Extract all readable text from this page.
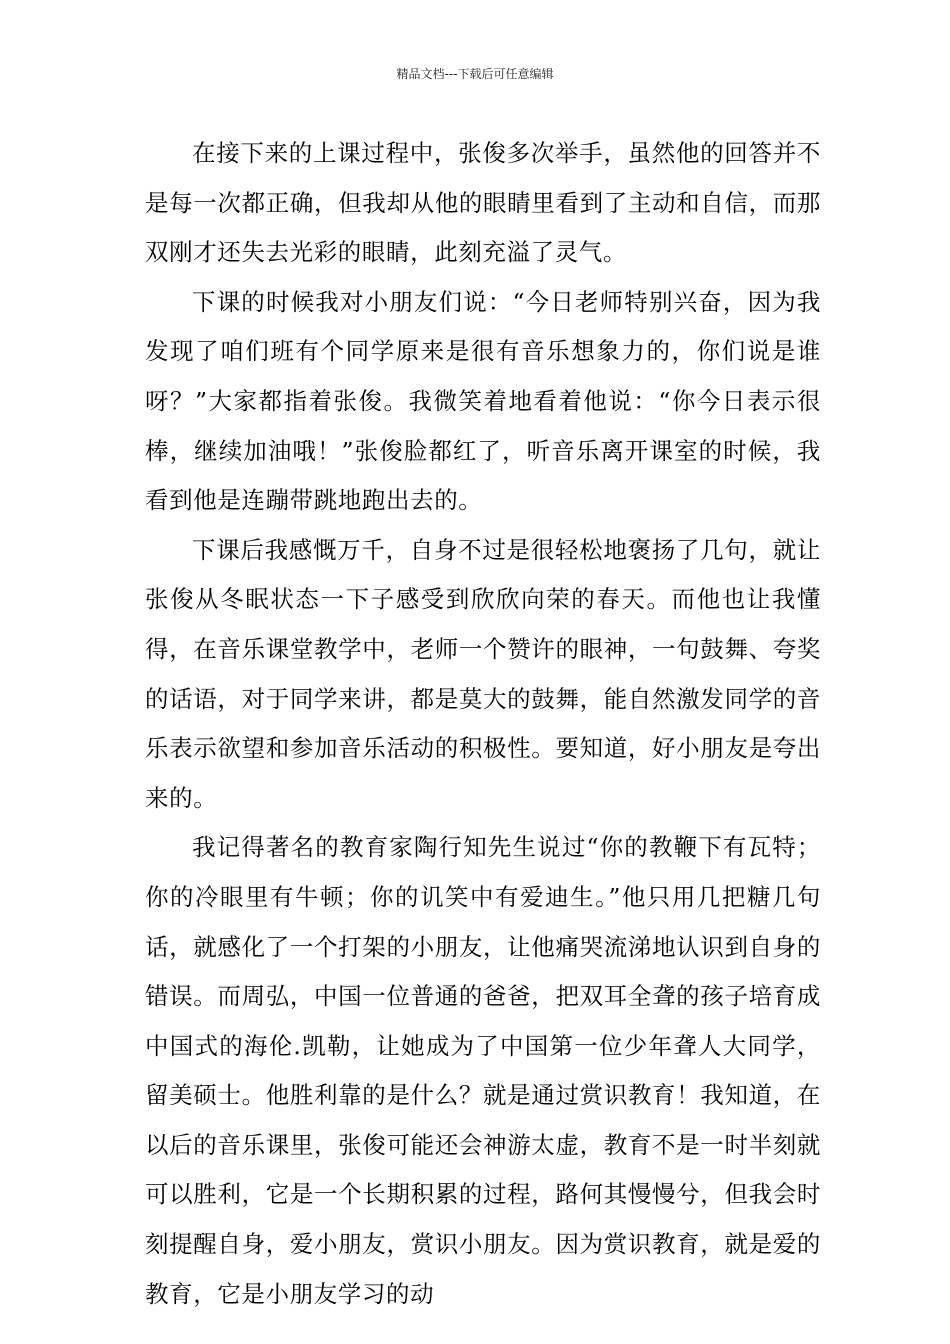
精品文档---下载后可任意编辑

在接下来的上课过程中，张俊多次举手，虽然他的回答并不是每一次都正确，但我却从他的眼睛里看到了主动和自信，而那双刚才还失去光彩的眼睛，此刻充溢了灵气。

下课的时候我对小朋友们说：“今日老师特别兴奋，因为我发现了咱们班有个同学原来是很有音乐想象力的，你们说是谁呀？”大家都指着张俊。我微笑着地看着他说：“你今日表示很棒，继续加油哦！”张俊脸都红了，听音乐离开课室的时候，我看到他是连蹦带跳地跑出去的。

下课后我感慨万千，自身不过是很轻松地褒扬了几句，就让张俊从冬眠状态一下子感受到欣欣向荣的春天。而他也让我懂得，在音乐课堂教学中，老师一个赞许的眼神，一句鼓舞、夸奖的话语，对于同学来讲，都是莫大的鼓舞，能自然激发同学的音乐表示欲望和参加音乐活动的积极性。要知道，好小朋友是夸出来的。

我记得著名的教育家陶行知先生说过“你的教鞭下有瓦特；你的冷眼里有牛顿；你的讥笑中有爱迪生。”他只用几把糖几句话，就感化了一个打架的小朋友，让他痛哭流涕地认识到自身的错误。而周弘，中国一位普通的爸爸，把双耳全聋的孩子培育成中国式的海伦.凯勒，让她成为了中国第一位少年聋人大同学，留美硕士。他胜利靠的是什么？就是通过赏识教育！我知道，在以后的音乐课里，张俊可能还会神游太虚，教育不是一时半刻就可以胜利，它是一个长期积累的过程，路何其慢慢兮，但我会时刻提醒自身，爱小朋友，赏识小朋友。因为赏识教育，就是爱的教育，它是小朋友学习的动
